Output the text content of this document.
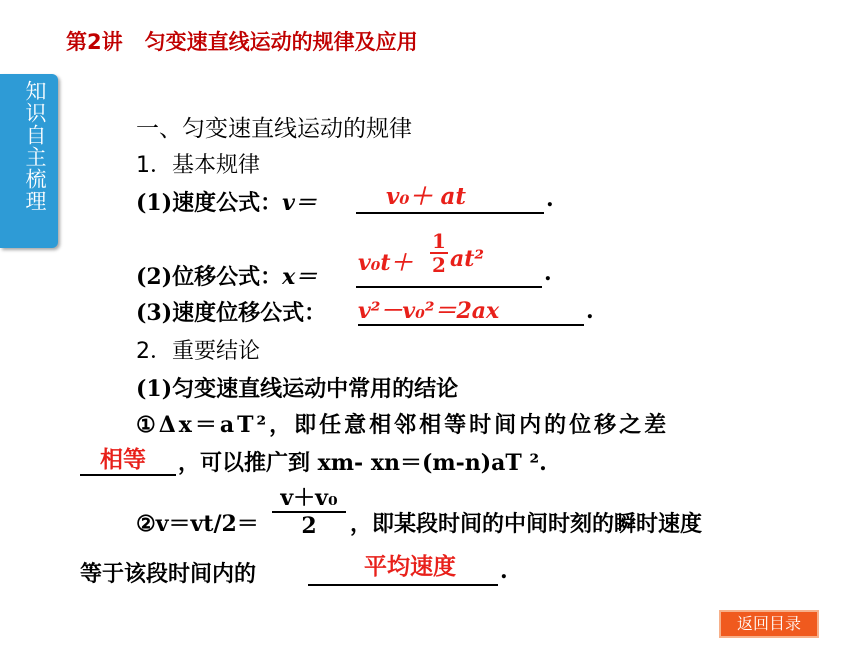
第2讲 匀变速直线运动的规律及应用
知识自主梳理	一、匀变速直线运动的规律
1．基本规律
(1)速度公式：v＝	v₀＋ at	.
(2)位移公式：x＝
v₀t＋
1
2 at²
.
(3)速度位移公式： v²－v₀²＝2ax	.
2．重要结论
(1)匀变速直线运动中常用的结论
①Δx＝aT²，即任意相邻相等时间内的位移之差
相等 ，可以推广到 xm- xn＝(m-n)aT ².
②v＝vt/2＝
v＋v₀
2	，即某段时间的中间时刻的瞬时速度
等于该段时间内的	平均速度 .
返回目录
